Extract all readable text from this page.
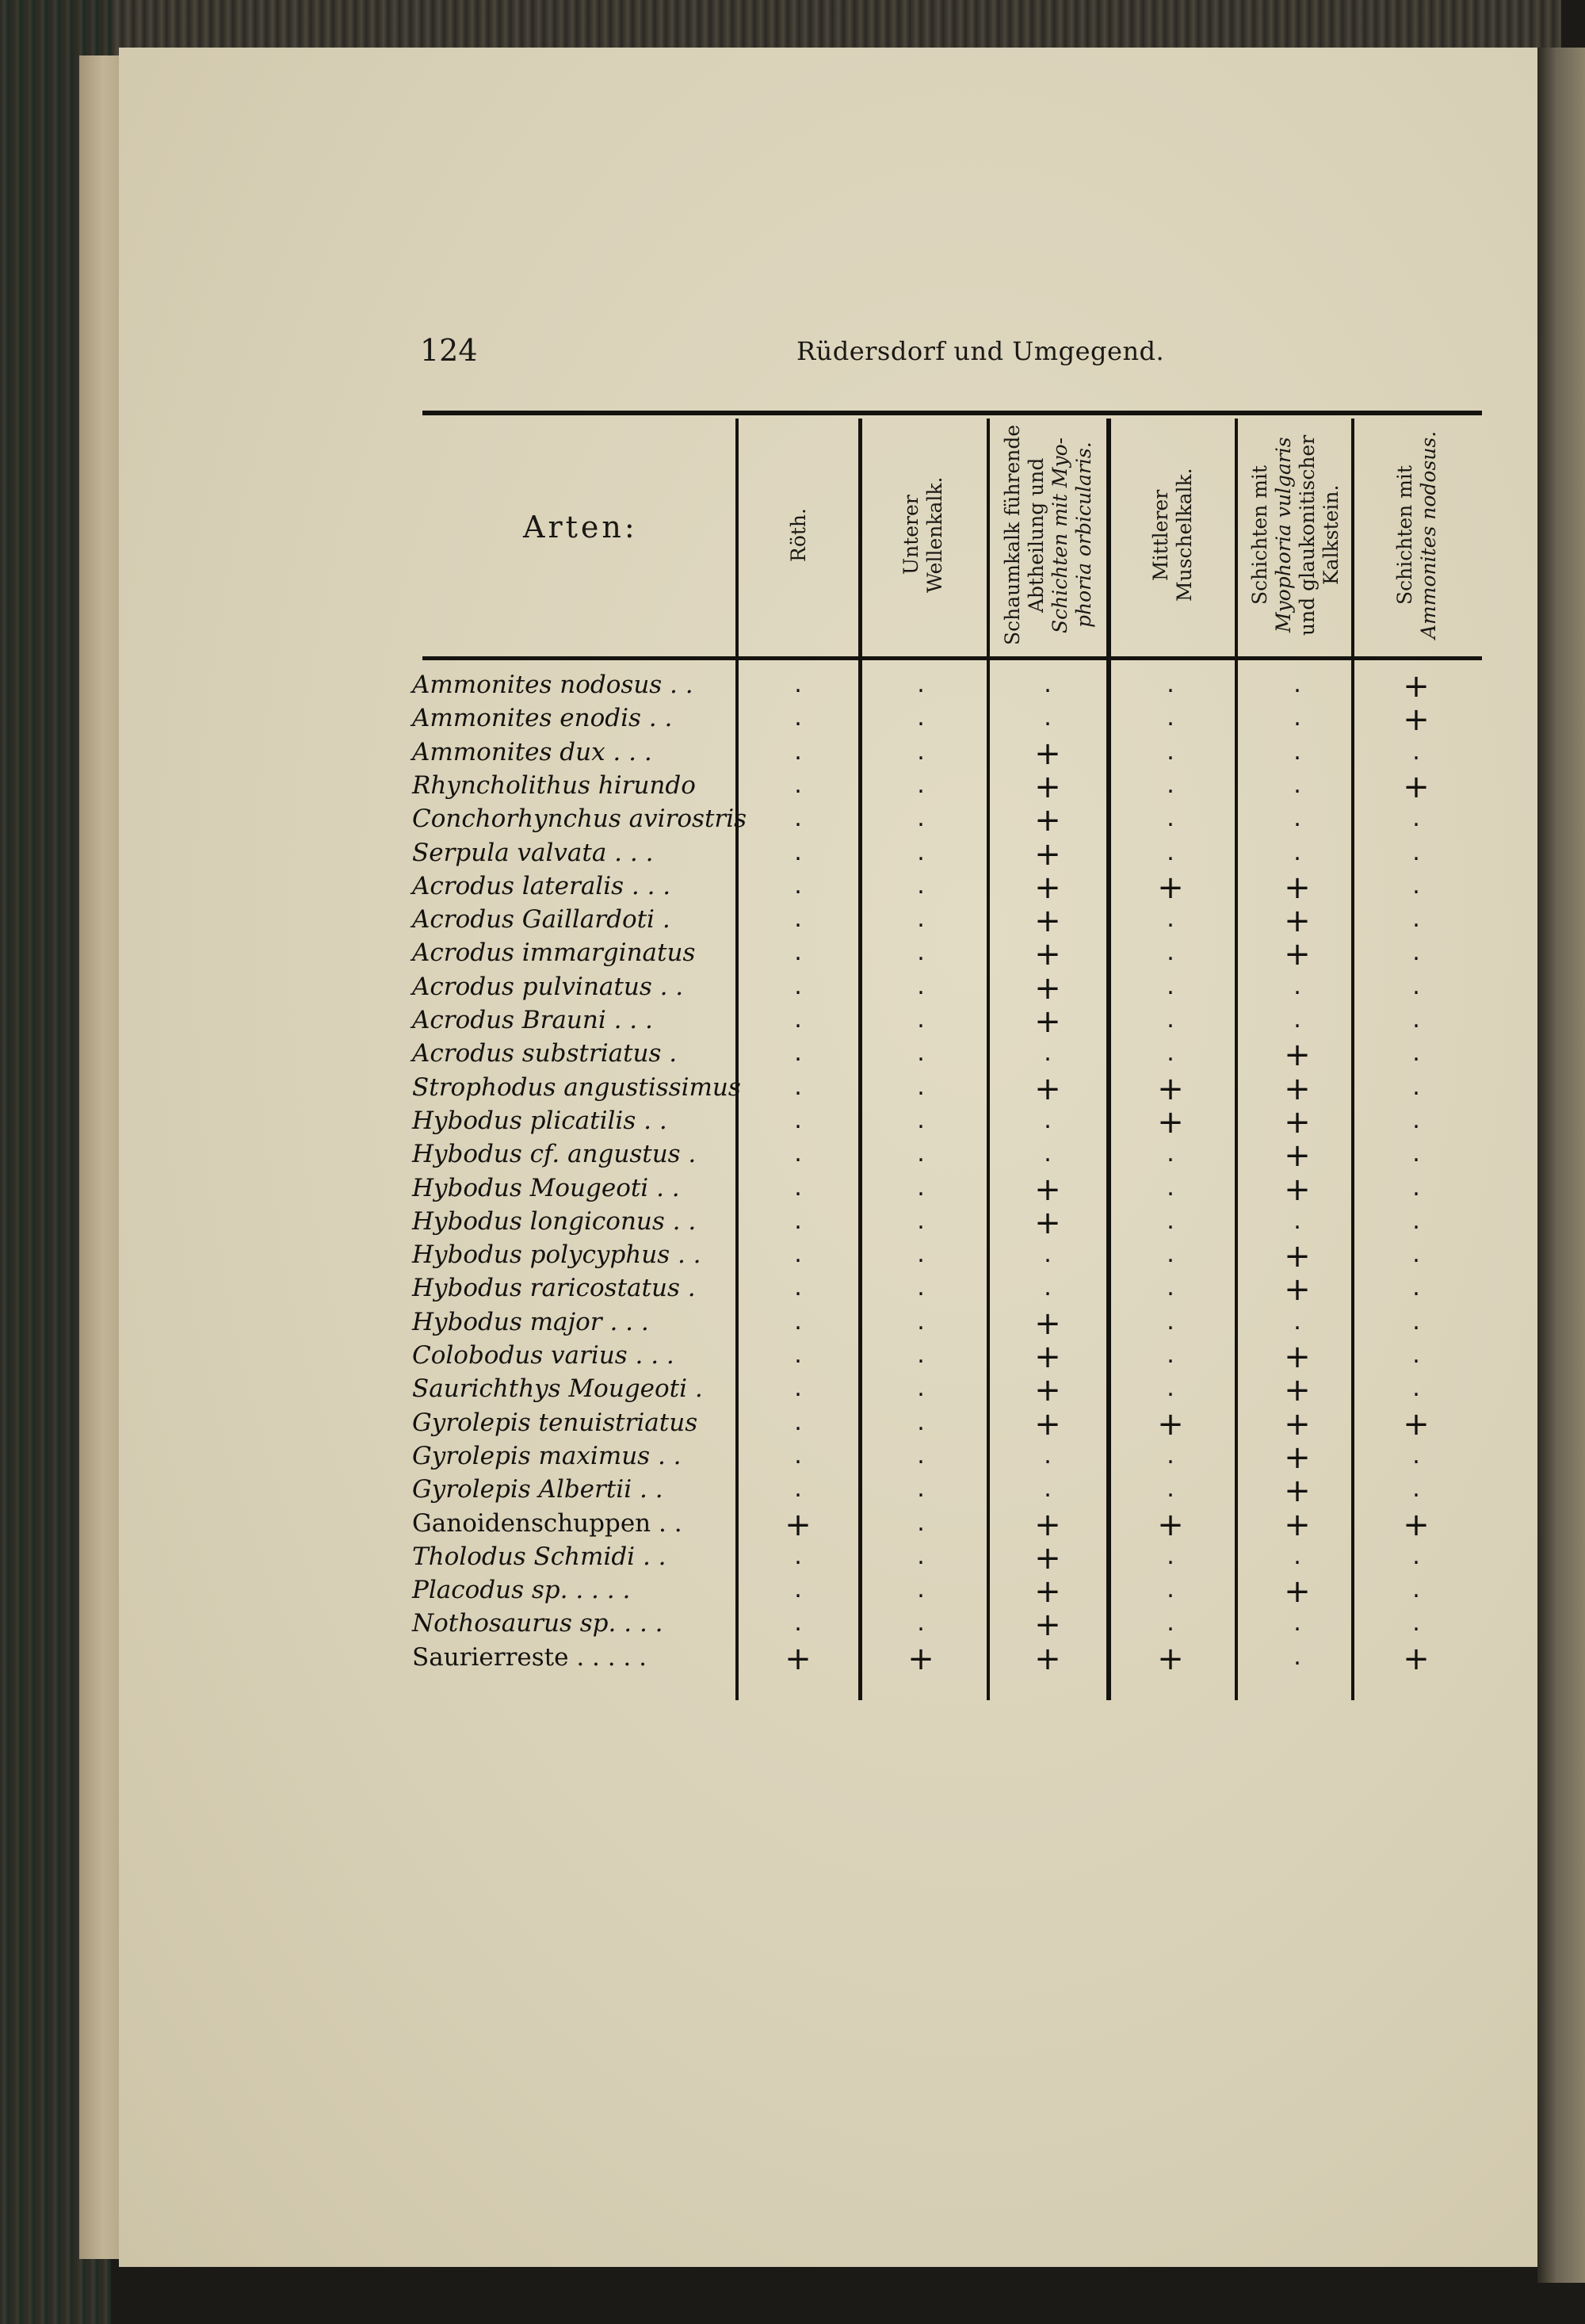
124	Rüdersdorf und Umgegend.
Arten:	Röth.	Unterer Wellenkalk.	Schaumkalk führende Abtheilung und Schichten mit Myo- phoria orbicularis.	Mittlerer Muschelkalk.	Schichten mit Myophoria vulgaris und glaukonitischer Kalkstein.	Schichten mit Ammonites nodosus.
Ammonites nodosus . .	.	.	.	.	.	+
Ammonites enodis . .	.	.	.	.	.	+
Ammonites dux . . .	.	.	+	.	.	.
Rhyncholithus hirundo	.	.	+	.	.	+
Conchorhynchus avirostris	.	.	+	.	.	.
Serpula valvata . . .	.	.	+	.	.	.
Acrodus lateralis . . .	.	.	+	+	+	.
Acrodus Gaillardoti .	.	.	+	.	+	.
Acrodus immarginatus	.	.	+	.	+	.
Acrodus pulvinatus . .	.	.	+	.	.	.
Acrodus Brauni . . .	.	.	+	.	.	.
Acrodus substriatus .	.	.	.	.	+	.
Strophodus angustissimus	.	.	+	+	+	.
Hybodus plicatilis . .	.	.	.	+	+	.
Hybodus cf. angustus .	.	.	.	.	+	.
Hybodus Mougeoti . .	.	.	+	.	+	.
Hybodus longiconus . .	.	.	+	.	.	.
Hybodus polycyphus . .	.	.	.	.	+	.
Hybodus raricostatus .	.	.	.	.	+	.
Hybodus major . . .	.	.	+	.	.	.
Colobodus varius . . .	.	.	+	.	+	.
Saurichthys Mougeoti .	.	.	+	.	+	.
Gyrolepis tenuistriatus	.	.	+	+	+	+
Gyrolepis maximus . .	.	.	.	.	+	.
Gyrolepis Albertii . .	.	.	.	.	+	.
Ganoidenschuppen . .	+	.	+	+	+	+
Tholodus Schmidi . .	.	.	+	.	.	.
Placodus sp. . . . .	.	.	+	.	+	.
Nothosaurus sp. . . .	.	.	+	.	.	.
Saurierreste . . . . .	+	+	+	+	.	+
